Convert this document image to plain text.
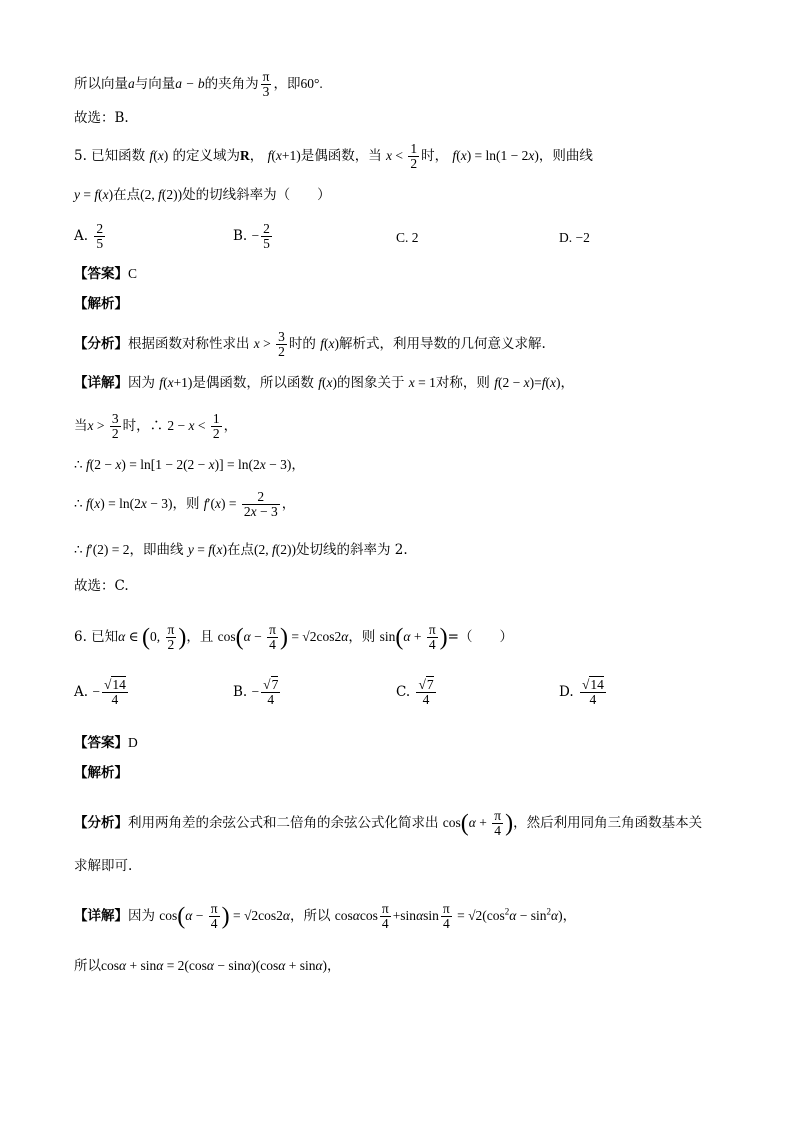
所以向量a与向量a − b的夹角为 $\frac{\pi}{3}$ ，即60°.
故选：B.
5. 已知函数 f(x) 的定义域为R， f(x+1)是偶函数，当 $x < \frac{1}{2}$ 时， f(x) = ln(1 − 2x)，则曲线
y = f(x)在点(2, f(2))处的切线斜率为（　　）
A. $\frac{2}{5}$	B. − $\frac{2}{5}$	C. 2	D. −2
【答案】C
【解析】
【分析】根据函数对称性求出 $x > \frac{3}{2}$ 时的 f(x)解析式，利用导数的几何意义求解.
【详解】因为 f(x+1)是偶函数，所以函数 f(x)的图象关于 x = 1对称，则 f(2 − x)=f(x)，
当$x > \frac{3}{2}$ 时，∴ $2 - x < \frac{1}{2}$ ，
∴ f(2 − x) = ln[1 − 2(2 − x)] = ln(2x − 3)，
∴ f(x) = ln(2x − 3)，则 $f'(x) = \frac{2}{2x - 3}$ ，
∴ f′(2) = 2，即曲线 y = f(x)在点(2, f(2))处切线的斜率为 2.
故选：C.
6. 已知α ∈ (0, $\frac{\pi}{2}$ )，且 $\cos(\alpha - \frac{\pi}{4}$ ) = √2cos2α，则 $\sin(\alpha + \frac{\pi}{4}$ )=（　　）
A. − $\frac{√14}{4}$	B. − $\frac{√7}{4}$	C. $\frac{√7}{4}$	D. $\frac{√14}{4}$
【答案】D
【解析】
【分析】利用两角差的余弦公式和二倍角的余弦公式化简求出 $\cos(\alpha + \frac{\pi}{4}$ )，然后利用同角三角函数基本关
求解即可.
【详解】因为 $\cos(\alpha - \frac{\pi}{4}$ ) = √2cos2α，所以 cosαcos $\frac{\pi}{4} +\sin\alpha\sin \frac{\pi}{4} = √2(\cos^2\alpha - \sin^2\alpha)$，
所以cosα + sinα = 2(cosα − sinα)(cosα + sinα)，
